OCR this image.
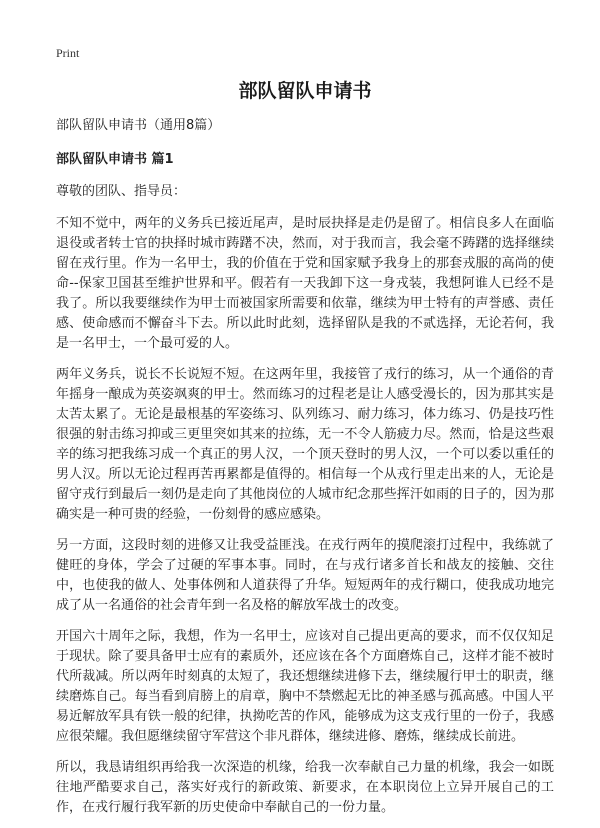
Print
部队留队申请书
部队留队申请书（通用8篇）
部队留队申请书 篇1
尊敬的团队、指导员：

不知不觉中，两年的义务兵已接近尾声，是时辰抉择是走仍是留了。相信良多人在面临退役或者转士官的抉择时城市踌躇不决，然而，对于我而言，我会毫不踌躇的选择继续留在戎行里。作为一名甲士，我的价值在于党和国家赋予我身上的那套戎服的高尚的使命--保家卫国甚至维护世界和平。假若有一天我卸下这一身戎装，我想阿谁人已经不是我了。所以我要继续作为甲士而被国家所需要和依靠，继续为甲士特有的声誉感、责任感、使命感而不懈奋斗下去。所以此时此刻，选择留队是我的不贰选择，无论若何，我是一名甲士，一个最可爱的人。

两年义务兵，说长不长说短不短。在这两年里，我接管了戎行的练习，从一个通俗的青年摇身一酿成为英姿飒爽的甲士。然而练习的过程老是让人感受漫长的，因为那其实是太苦太累了。无论是最根基的军姿练习、队列练习、耐力练习，体力练习、仍是技巧性很强的射击练习抑或三更里突如其来的拉练，无一不令人筋疲力尽。然而，恰是这些艰辛的练习把我练习成一个真正的男人汉，一个顶天登时的男人汉，一个可以委以重任的男人汉。所以无论过程再苦再累都是值得的。相信每一个从戎行里走出来的人，无论是留守戎行到最后一刻仍是走向了其他岗位的人城市纪念那些挥汗如雨的日子的，因为那确实是一种可贵的经验，一份刻骨的感应感染。

另一方面，这段时刻的进修又让我受益匪浅。在戎行两年的摸爬滚打过程中，我练就了健旺的身体，学会了过硬的军事本事。同时，在与戎行诸多首长和战友的接触、交往中，也使我的做人、处事体例和人道获得了升华。短短两年的戎行糊口，使我成功地完成了从一名通俗的社会青年到一名及格的解放军战士的改变。

开国六十周年之际，我想，作为一名甲士，应该对自己提出更高的要求，而不仅仅知足于现状。除了要具备甲士应有的素质外，还应该在各个方面磨炼自己，这样才能不被时代所裁减。所以两年时刻真的太短了，我还想继续进修下去，继续履行甲士的职责，继续磨炼自己。每当看到肩膀上的肩章，胸中不禁燃起无比的神圣感与孤高感。中国人平易近解放军具有铁一般的纪律，执拗吃苦的作风，能够成为这支戎行里的一份子，我感应很荣耀。我但愿继续留守军营这个非凡群体，继续进修、磨炼，继续成长前进。

所以，我恳请组织再给我一次深造的机缘，给我一次奉献自己力量的机缘，我会一如既往地严酷要求自己，落实好戎行的新政策、新要求，在本职岗位上立异开展自己的工作，在戎行履行我军新的历史使命中奉献自己的一份力量。
